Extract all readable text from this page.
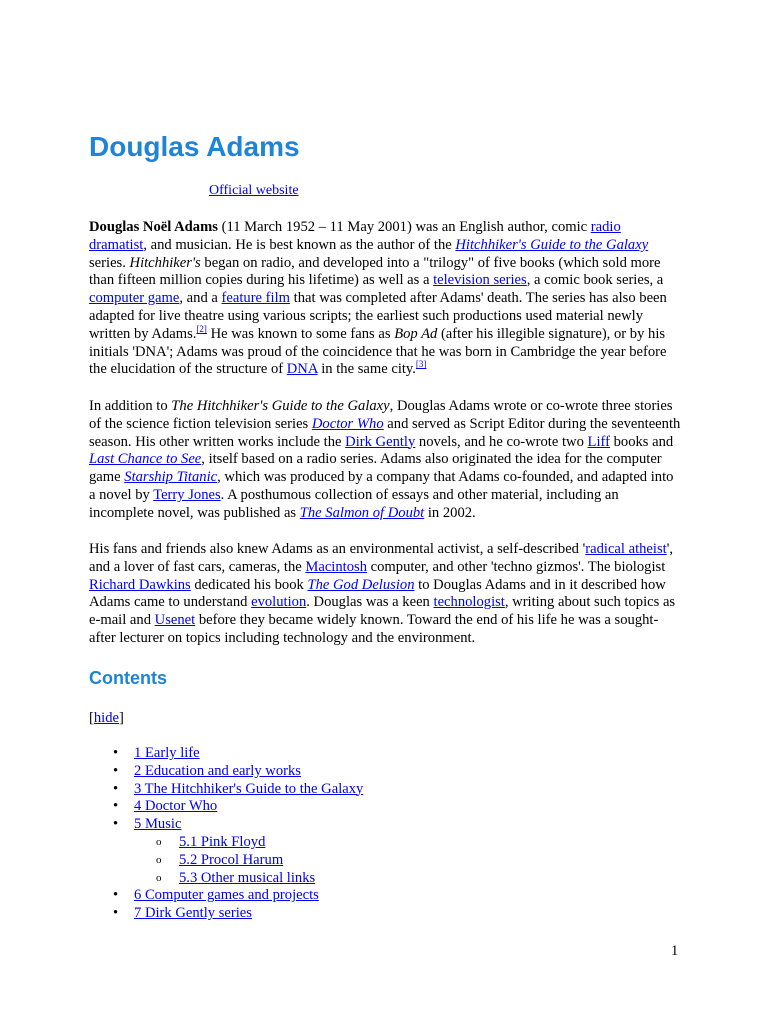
Douglas Adams
Official website

Douglas Noël Adams (11 March 1952 – 11 May 2001) was an English author, comic radio dramatist, and musician. He is best known as the author of the Hitchhiker's Guide to the Galaxy series. Hitchhiker's began on radio, and developed into a "trilogy" of five books (which sold more than fifteen million copies during his lifetime) as well as a television series, a comic book series, a computer game, and a feature film that was completed after Adams' death. The series has also been adapted for live theatre using various scripts; the earliest such productions used material newly written by Adams.[2] He was known to some fans as Bop Ad (after his illegible signature), or by his initials 'DNA'; Adams was proud of the coincidence that he was born in Cambridge the year before the elucidation of the structure of DNA in the same city.[3]

In addition to The Hitchhiker's Guide to the Galaxy, Douglas Adams wrote or co-wrote three stories of the science fiction television series Doctor Who and served as Script Editor during the seventeenth season. His other written works include the Dirk Gently novels, and he co-wrote two Liff books and Last Chance to See, itself based on a radio series. Adams also originated the idea for the computer game Starship Titanic, which was produced by a company that Adams co-founded, and adapted into a novel by Terry Jones. A posthumous collection of essays and other material, including an incomplete novel, was published as The Salmon of Doubt in 2002.

His fans and friends also knew Adams as an environmental activist, a self-described 'radical atheist', and a lover of fast cars, cameras, the Macintosh computer, and other 'techno gizmos'. The biologist Richard Dawkins dedicated his book The God Delusion to Douglas Adams and in it described how Adams came to understand evolution. Douglas was a keen technologist, writing about such topics as e-mail and Usenet before they became widely known. Toward the end of his life he was a sought-after lecturer on topics including technology and the environment.

Contents
[hide]
• 1 Early life
• 2 Education and early works
• 3 The Hitchhiker's Guide to the Galaxy
• 4 Doctor Who
• 5 Music
o 5.1 Pink Floyd
o 5.2 Procol Harum
o 5.3 Other musical links
• 6 Computer games and projects
• 7 Dirk Gently series
1
